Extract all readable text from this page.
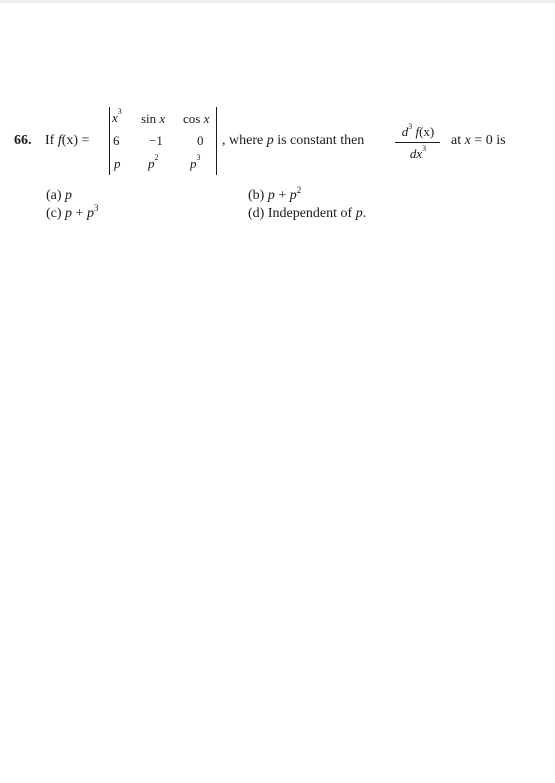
66. If f(x) =
$x^3$ sin x cos x
6 −1	0
p $p^2$ $p^3$
, where p is constant then
$d^3$ f(x)
$dx^3$
at x = 0 is
(a) p
(c) $p + p^3$
(b) $p + p^2$
(d) Independent of p.
